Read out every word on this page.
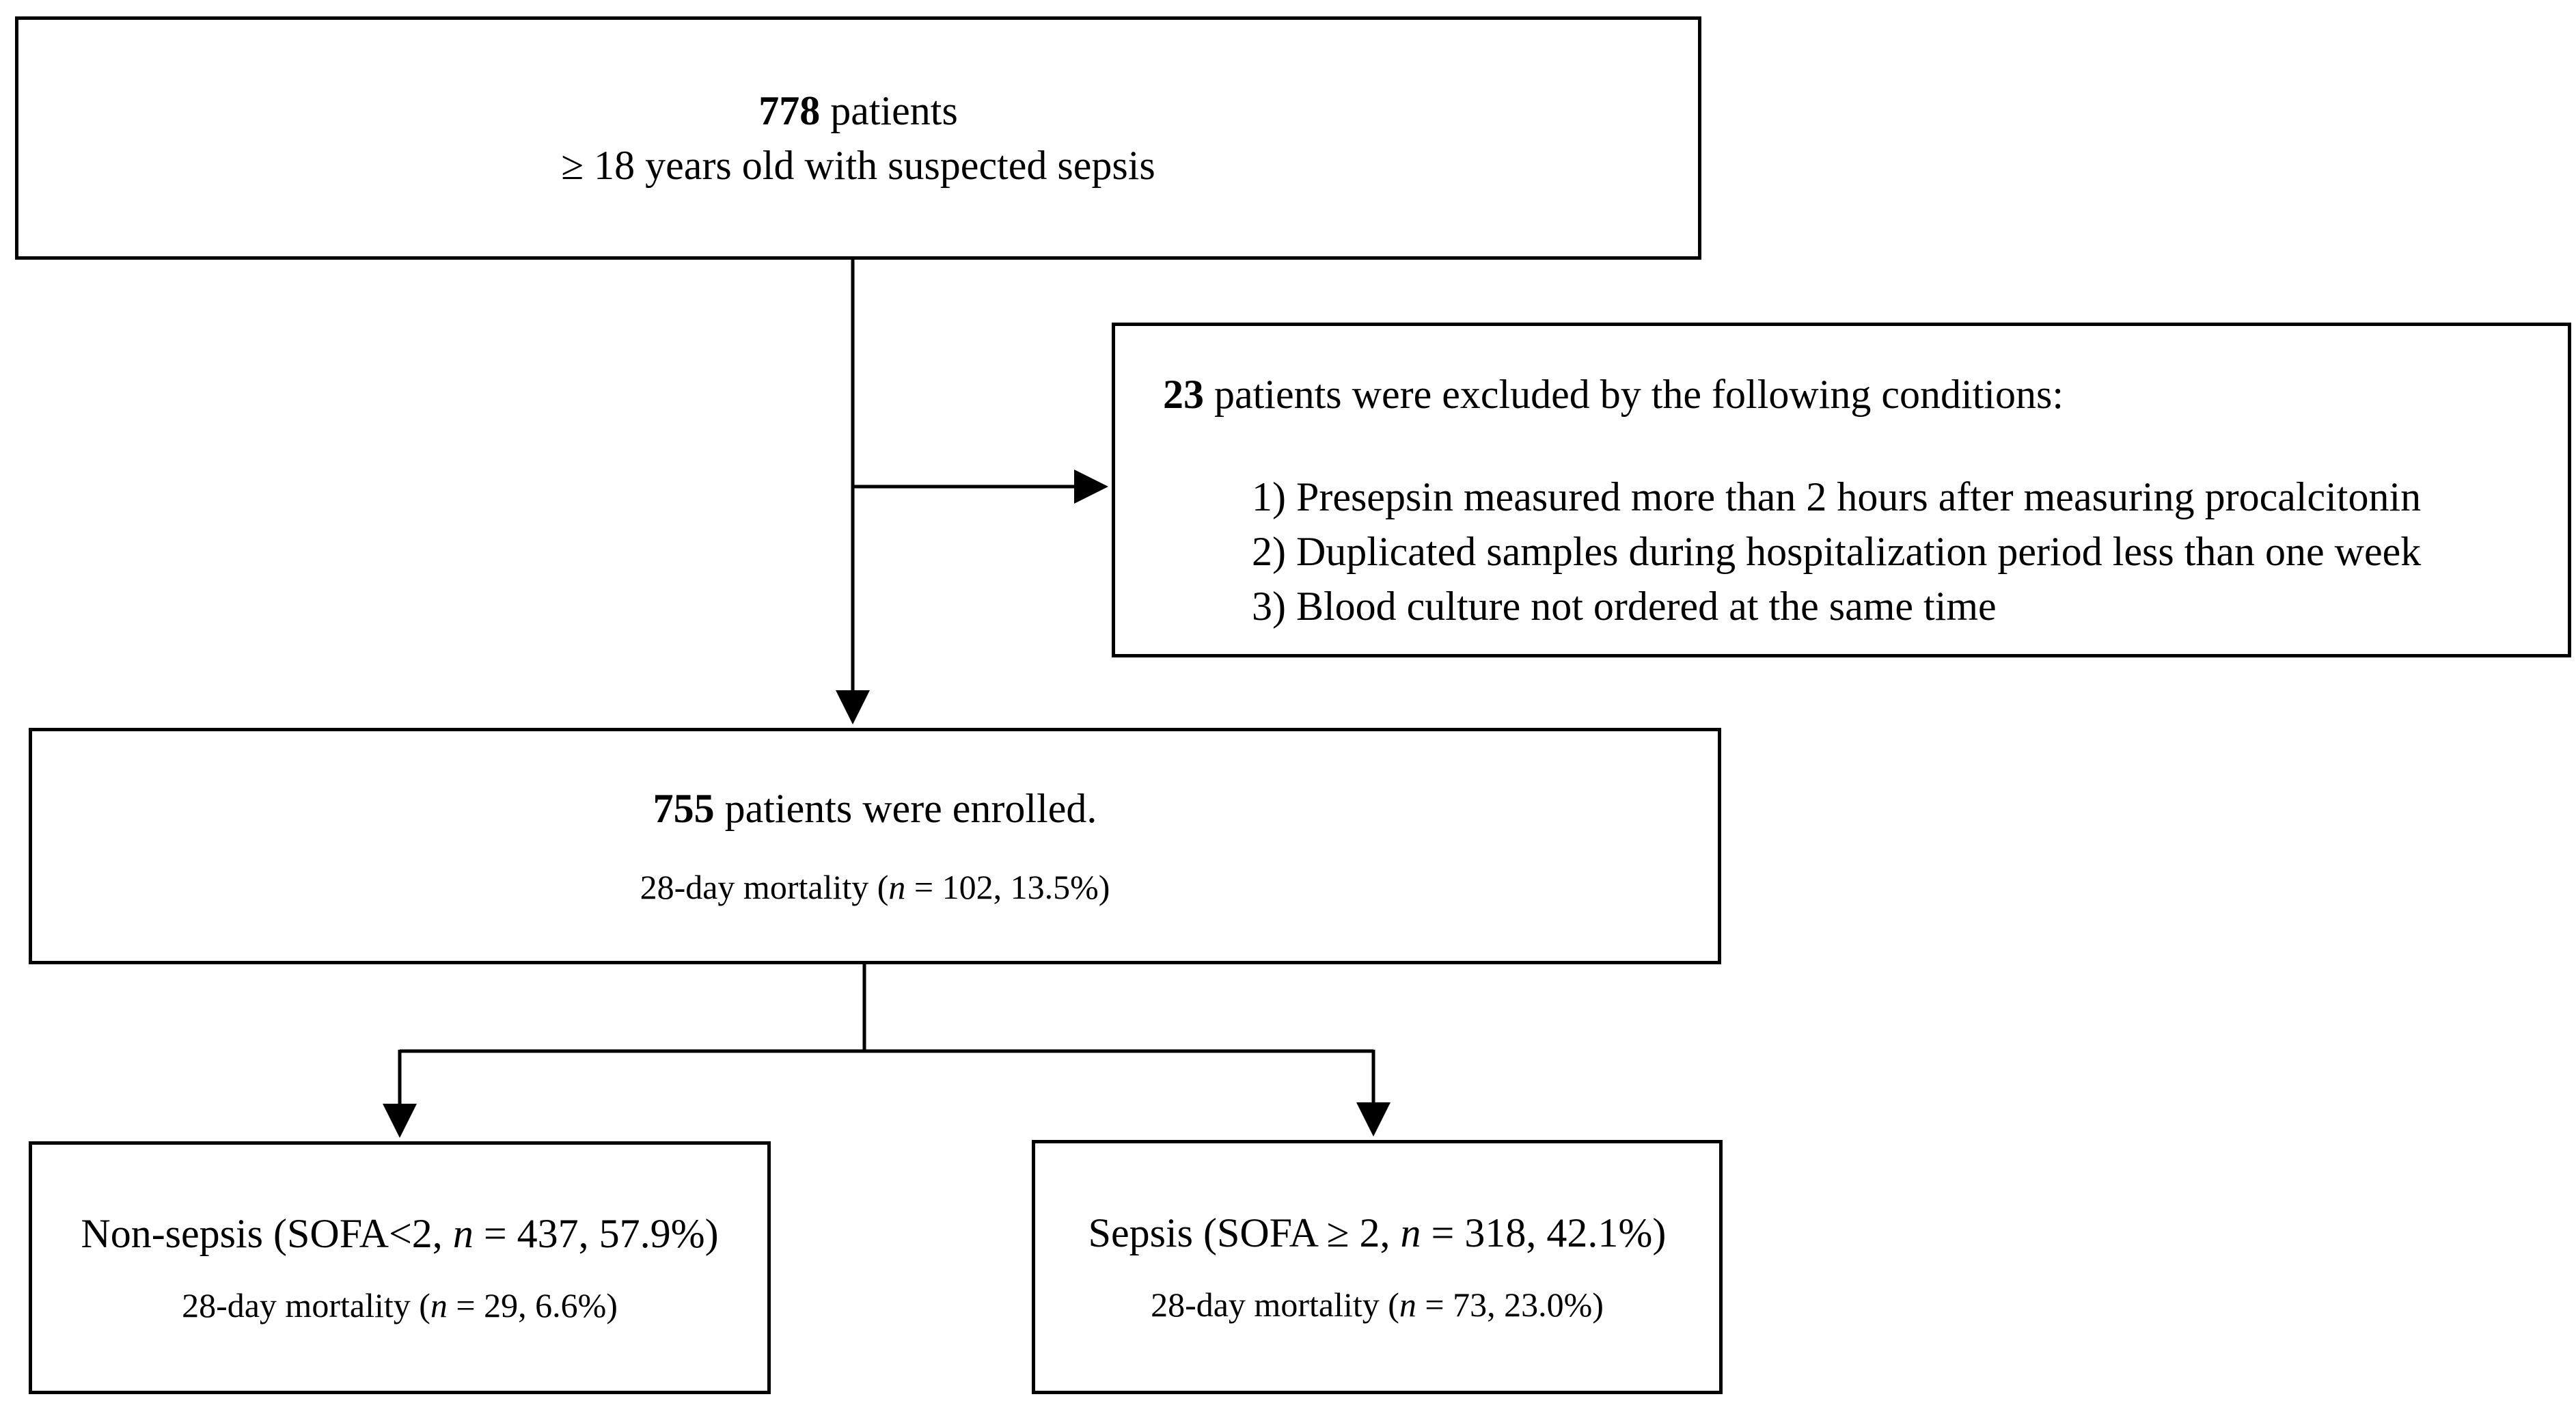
778 patients
≥ 18 years old with suspected sepsis
23 patients were excluded by the following conditions:
1) Presepsin measured more than 2 hours after measuring procalcitonin
2) Duplicated samples during hospitalization period less than one week
3) Blood culture not ordered at the same time
755 patients were enrolled.
28-day mortality (n = 102, 13.5%)
Non-sepsis (SOFA<2, n = 437, 57.9%)
28-day mortality (n = 29, 6.6%)
Sepsis (SOFA ≥ 2, n = 318, 42.1%)
28-day mortality (n = 73, 23.0%)
